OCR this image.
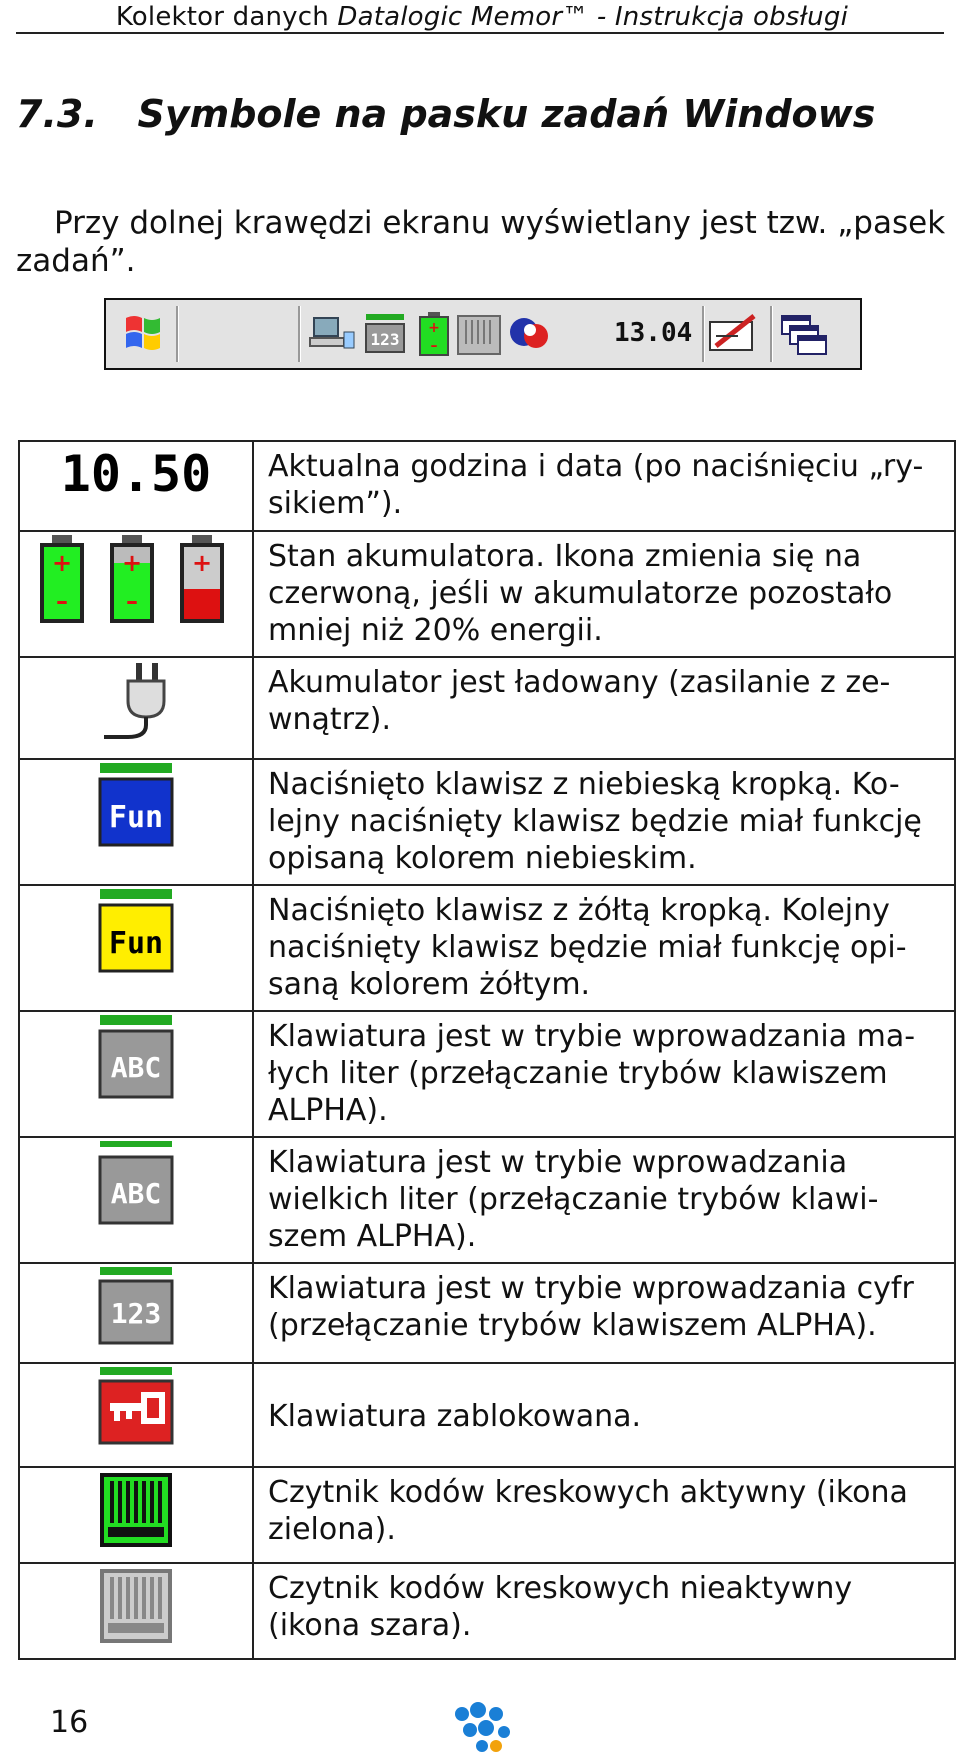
Kolektor danych Datalogic Memor™ - Instrukcja obsługi
7.3. Symbole na pasku zadań Windows

Przy dolnej krawędzi ekranu wyświetlany jest tzw. „pasek zadań”.

123
+
–	13.04
10.50	Aktualna godzina i data (po naciśnięciu „ry-sikiem”).

+
–
+
–
+	Stan akumulatora. Ikona zmienia się na czerwoną, jeśli w akumulatorze pozostało mniej niż 20% energii.
	Akumulator jest ładowany (zasilanie z ze-wnątrz).

Fun	Naciśnięto klawisz z niebieską kropką. Ko-lejny naciśnięty klawisz będzie miał funkcję opisaną kolorem niebieskim.

Fun	Naciśnięto klawisz z żółtą kropką. Kolejny naciśnięty klawisz będzie miał funkcję opi-saną kolorem żółtym.

ABC	Klawiatura jest w trybie wprowadzania ma-łych liter (przełączanie trybów klawiszem ALPHA).

ABC	Klawiatura jest w trybie wprowadzania wielkich liter (przełączanie trybów klawi-szem ALPHA).

123	Klawiatura jest w trybie wprowadzania cyfr (przełączanie trybów klawiszem ALPHA).
	Klawiatura zablokowana.
	Czytnik kodów kreskowych aktywny (ikona zielona).
	Czytnik kodów kreskowych nieaktywny (ikona szara).
16
